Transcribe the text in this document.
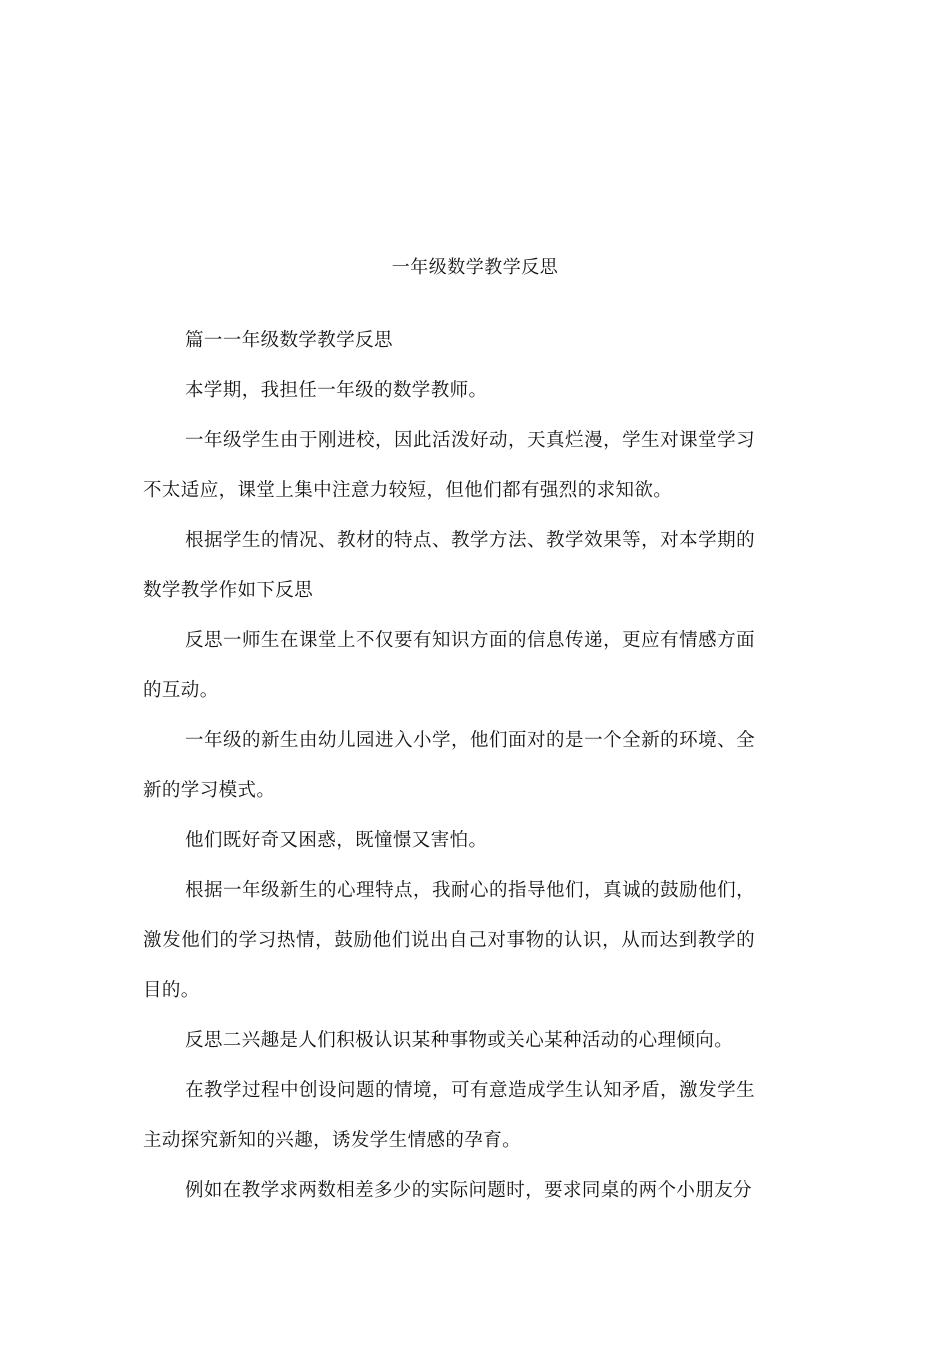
一年级数学教学反思

篇一一年级数学教学反思

本学期，我担任一年级的数学教师。

一年级学生由于刚进校，因此活泼好动，天真烂漫，学生对课堂学习不太适应，课堂上集中注意力较短，但他们都有强烈的求知欲。

根据学生的情况、教材的特点、教学方法、教学效果等，对本学期的数学教学作如下反思

反思一师生在课堂上不仅要有知识方面的信息传递，更应有情感方面的互动。

一年级的新生由幼儿园进入小学，他们面对的是一个全新的环境、全新的学习模式。

他们既好奇又困惑，既憧憬又害怕。

根据一年级新生的心理特点，我耐心的指导他们，真诚的鼓励他们，激发他们的学习热情，鼓励他们说出自己对事物的认识，从而达到教学的目的。

反思二兴趣是人们积极认识某种事物或关心某种活动的心理倾向。

在教学过程中创设问题的情境，可有意造成学生认知矛盾，激发学生主动探究新知的兴趣，诱发学生情感的孕育。

例如在教学求两数相差多少的实际问题时，要求同桌的两个小朋友分
